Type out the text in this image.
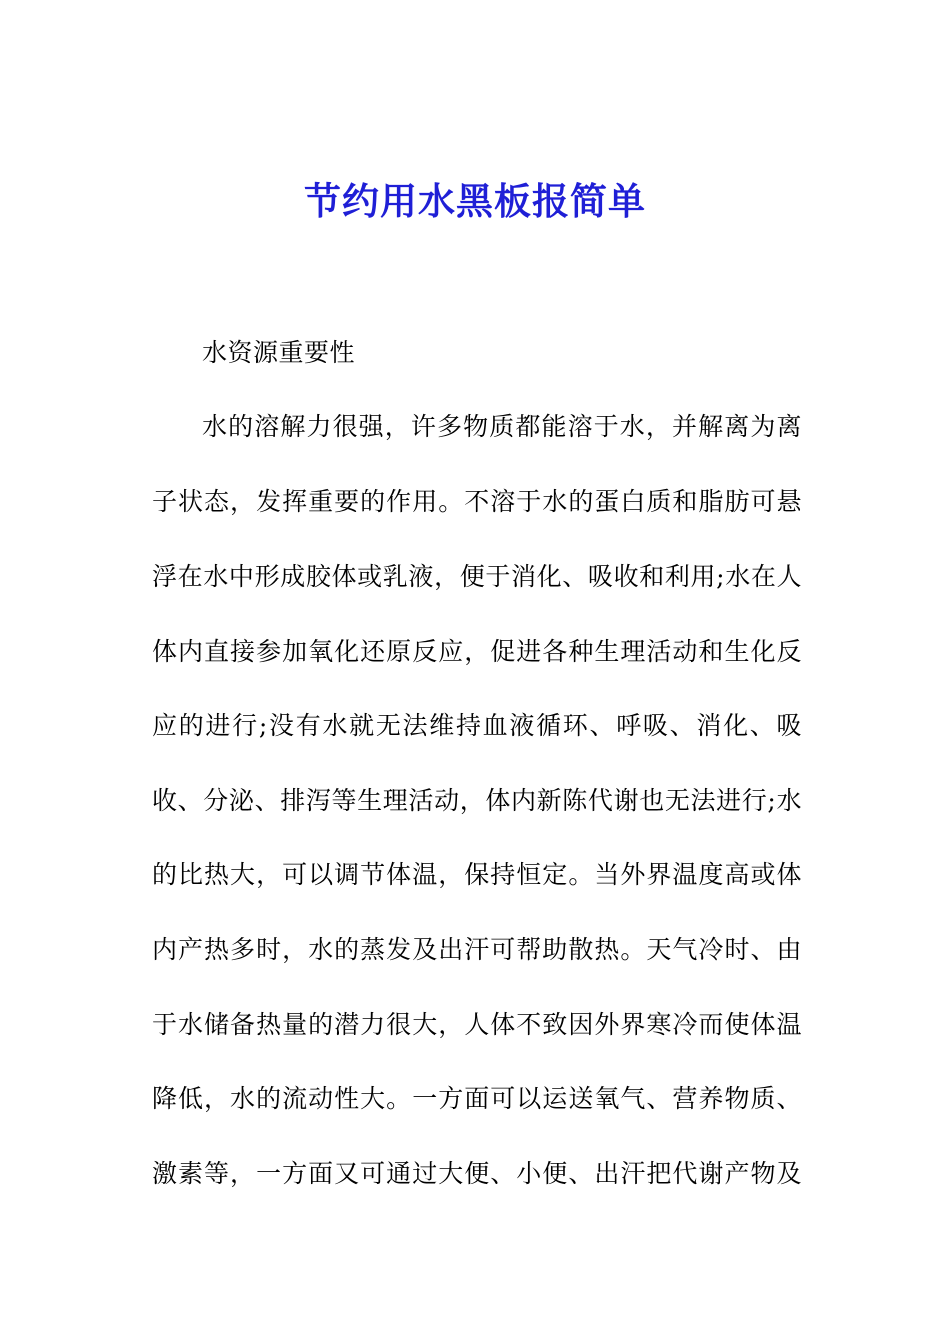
节约用水黑板报简单
水资源重要性
水的溶解力很强，许多物质都能溶于水，并解离为离
子状态，发挥重要的作用。不溶于水的蛋白质和脂肪可悬
浮在水中形成胶体或乳液，便于消化、吸收和利用;水在人
体内直接参加氧化还原反应，促进各种生理活动和生化反
应的进行;没有水就无法维持血液循环、呼吸、消化、吸
收、分泌、排泻等生理活动，体内新陈代谢也无法进行;水
的比热大，可以调节体温，保持恒定。当外界温度高或体
内产热多时，水的蒸发及出汗可帮助散热。天气冷时、由
于水储备热量的潜力很大，人体不致因外界寒冷而使体温
降低，水的流动性大。一方面可以运送氧气、营养物质、
激素等，一方面又可通过大便、小便、出汗把代谢产物及
